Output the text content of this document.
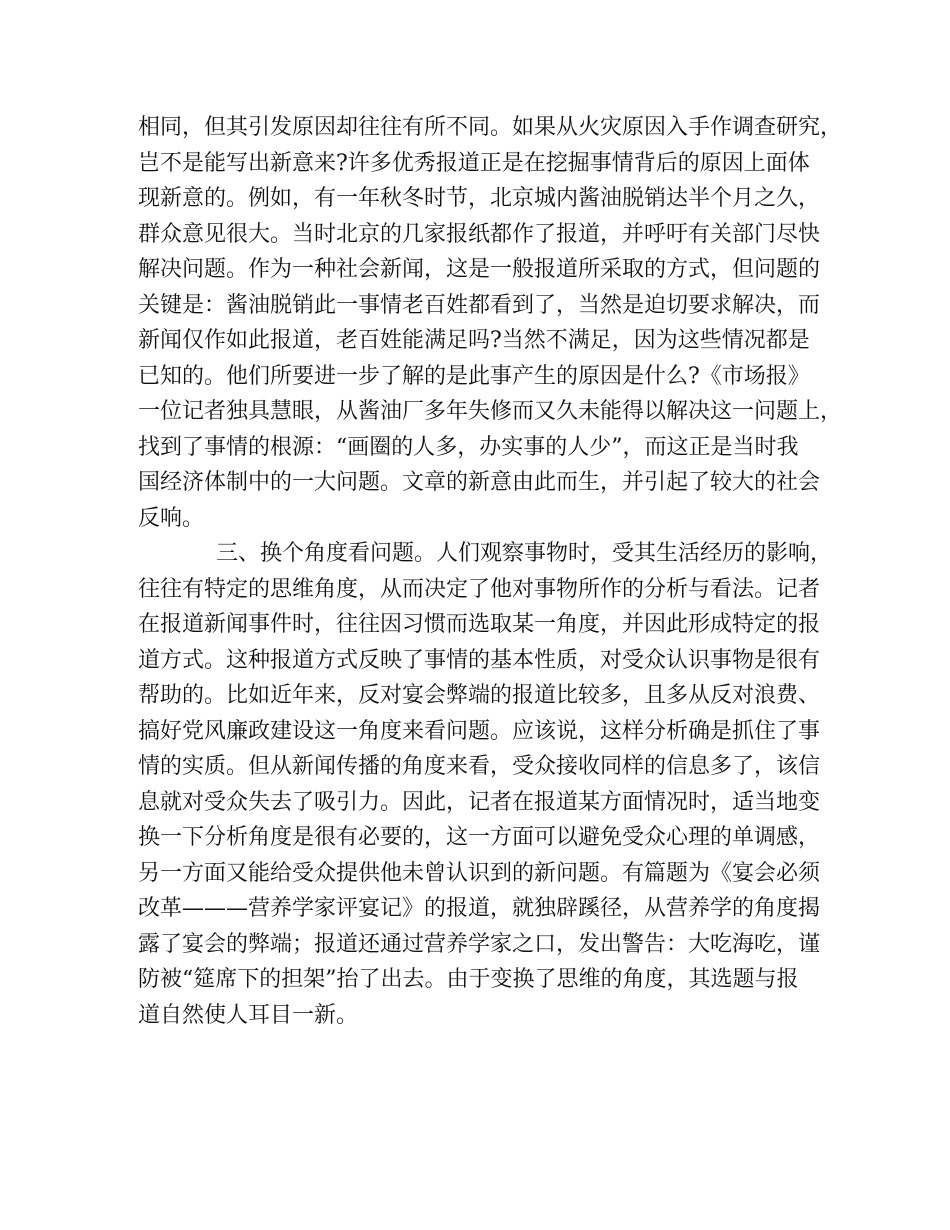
相同，但其引发原因却往往有所不同。如果从火灾原因入手作调查研究，
岂不是能写出新意来?许多优秀报道正是在挖掘事情背后的原因上面体
现新意的。例如，有一年秋冬时节，北京城内酱油脱销达半个月之久，
群众意见很大。当时北京的几家报纸都作了报道，并呼吁有关部门尽快
解决问题。作为一种社会新闻，这是一般报道所采取的方式，但问题的
关键是：酱油脱销此一事情老百姓都看到了，当然是迫切要求解决，而
新闻仅作如此报道，老百姓能满足吗?当然不满足，因为这些情况都是
已知的。他们所要进一步了解的是此事产生的原因是什么?《市场报》
一位记者独具慧眼，从酱油厂多年失修而又久未能得以解决这一问题上，
找到了事情的根源：“画圈的人多，办实事的人少”，而这正是当时我
国经济体制中的一大问题。文章的新意由此而生，并引起了较大的社会
反响。
三、换个角度看问题。人们观察事物时，受其生活经历的影响，
往往有特定的思维角度，从而决定了他对事物所作的分析与看法。记者
在报道新闻事件时，往往因习惯而选取某一角度，并因此形成特定的报
道方式。这种报道方式反映了事情的基本性质，对受众认识事物是很有
帮助的。比如近年来，反对宴会弊端的报道比较多，且多从反对浪费、
搞好党风廉政建设这一角度来看问题。应该说，这样分析确是抓住了事
情的实质。但从新闻传播的角度来看，受众接收同样的信息多了，该信
息就对受众失去了吸引力。因此，记者在报道某方面情况时，适当地变
换一下分析角度是很有必要的，这一方面可以避免受众心理的单调感，
另一方面又能给受众提供他未曾认识到的新问题。有篇题为《宴会必须
改革———营养学家评宴记》的报道，就独辟蹊径，从营养学的角度揭
露了宴会的弊端；报道还通过营养学家之口，发出警告：大吃海吃，谨
防被“筵席下的担架”抬了出去。由于变换了思维的角度，其选题与报
道自然使人耳目一新。
